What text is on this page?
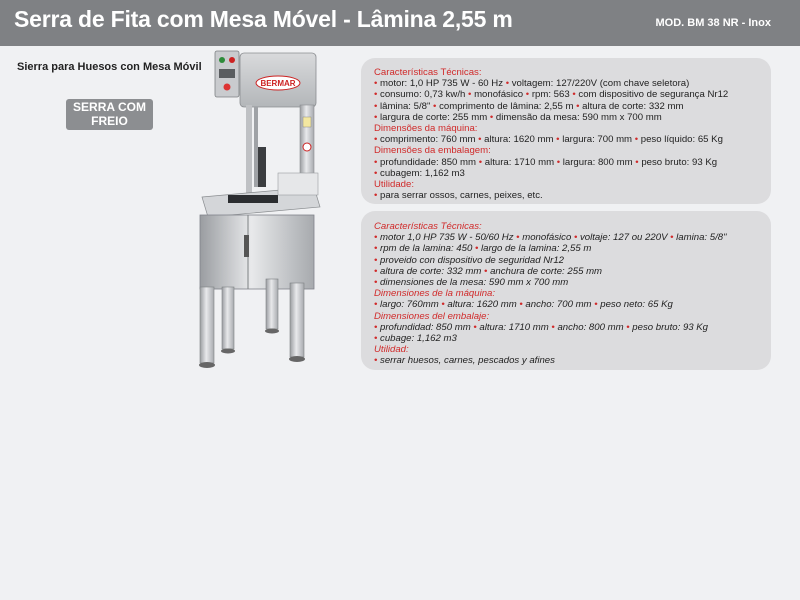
Serra de Fita com Mesa Móvel - Lâmina 2,55 m	MOD. BM 38 NR - Inox
Sierra para Huesos con Mesa Móvil
SERRA COM
FREIO
BERMAR
Características Técnicas:
• motor: 1,0 HP 735 W - 60 Hz • voltagem: 127/220V (com chave seletora)
• consumo: 0,73 kw/h • monofásico • rpm: 563 • com dispositivo de segurança Nr12
• lâmina: 5/8" • comprimento de lâmina: 2,55 m • altura de corte: 332 mm
• largura de corte: 255 mm • dimensão da mesa: 590 mm x 700 mm
Dimensões da máquina:
• comprimento: 760 mm • altura: 1620 mm • largura: 700 mm • peso líquido: 65 Kg
Dimensões da embalagem:
• profundidade: 850 mm • altura: 1710 mm • largura: 800 mm • peso bruto: 93 Kg
• cubagem: 1,162 m3
Utilidade:
• para serrar ossos, carnes, peixes, etc.
Características Técnicas:
• motor 1,0 HP 735 W - 50/60 Hz • monofásico • voltaje: 127 ou 220V • lamina: 5/8"
• rpm de la lamina: 450 • largo de la lamina: 2,55 m
• proveido con dispositivo de seguridad Nr12
• altura de corte: 332 mm • anchura de corte: 255 mm
• dimensiones de la mesa: 590 mm x 700 mm
Dimensiones de la máquina:
• largo: 760mm • altura: 1620 mm • ancho: 700 mm • peso neto: 65 Kg
Dimensiones del embalaje:
• profundidad: 850 mm • altura: 1710 mm • ancho: 800 mm • peso bruto: 93 Kg
• cubage: 1,162 m3
Utilidad:
• serrar huesos, carnes, pescados y afines
